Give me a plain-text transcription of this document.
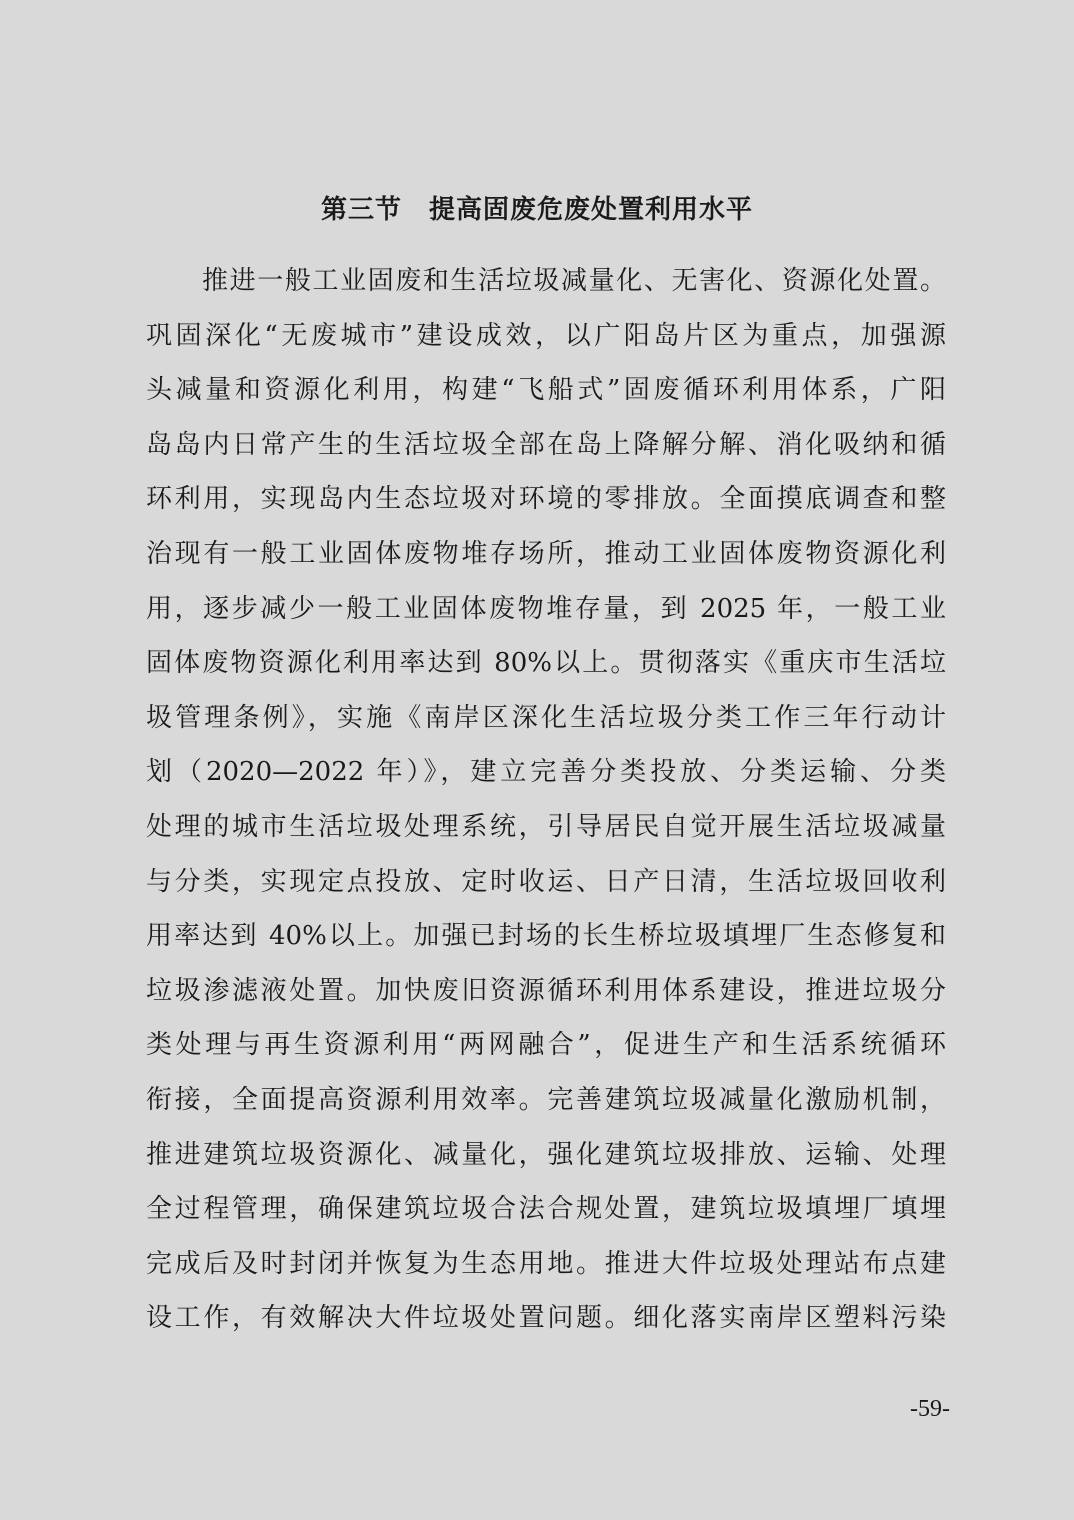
第三节　提高固废危废处置利用水平
推进一般工业固废和生活垃圾减量化、无害化、资源化处置。
巩固深化“无废城市”建设成效，以广阳岛片区为重点，加强源
头减量和资源化利用，构建“飞船式”固废循环利用体系，广阳
岛岛内日常产生的生活垃圾全部在岛上降解分解、消化吸纳和循
环利用，实现岛内生态垃圾对环境的零排放。全面摸底调查和整
治现有一般工业固体废物堆存场所，推动工业固体废物资源化利
用，逐步减少一般工业固体废物堆存量，到 2025 年，一般工业
固体废物资源化利用率达到 80%以上。贯彻落实《重庆市生活垃
圾管理条例》，实施《南岸区深化生活垃圾分类工作三年行动计
划（2020—2022 年）》，建立完善分类投放、分类运输、分类
处理的城市生活垃圾处理系统，引导居民自觉开展生活垃圾减量
与分类，实现定点投放、定时收运、日产日清，生活垃圾回收利
用率达到 40%以上。加强已封场的长生桥垃圾填埋厂生态修复和
垃圾渗滤液处置。加快废旧资源循环利用体系建设，推进垃圾分
类处理与再生资源利用“两网融合”，促进生产和生活系统循环
衔接，全面提高资源利用效率。完善建筑垃圾减量化激励机制，
推进建筑垃圾资源化、减量化，强化建筑垃圾排放、运输、处理
全过程管理，确保建筑垃圾合法合规处置，建筑垃圾填埋厂填埋
完成后及时封闭并恢复为生态用地。推进大件垃圾处理站布点建
设工作，有效解决大件垃圾处置问题。细化落实南岸区塑料污染
-59-
